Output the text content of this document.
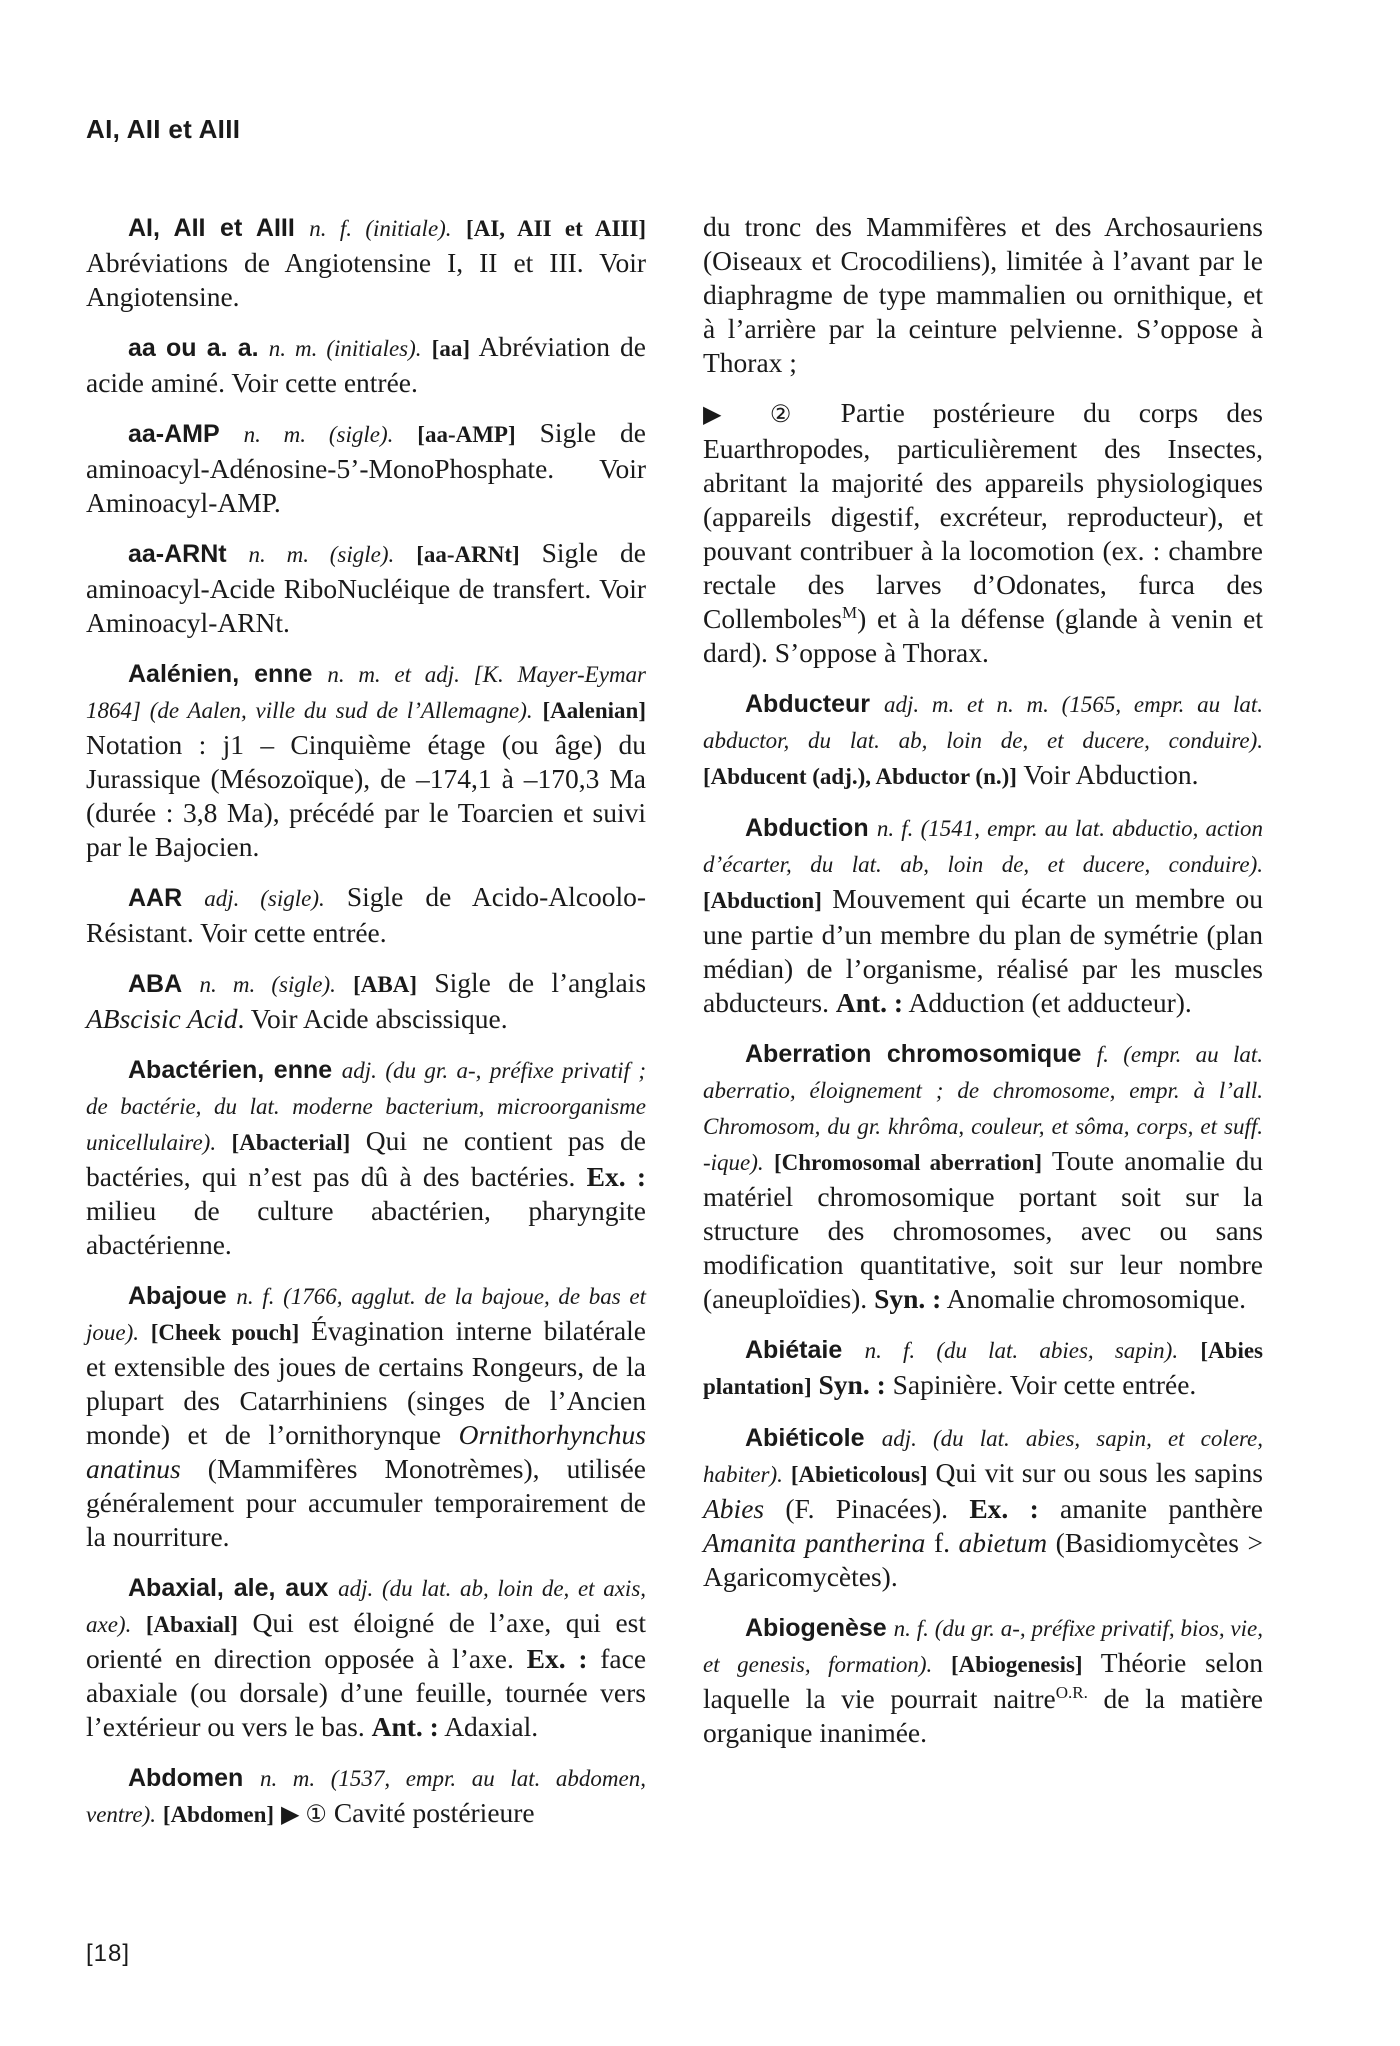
AI, AII et AIII

AI, AII et AIII n. f. (initiale). [AI, AII et AIII] Abréviations de Angiotensine I, II et III. Voir Angiotensine.

aa ou a. a. n. m. (initiales). [aa] Abréviation de acide aminé. Voir cette entrée.

aa-AMP n. m. (sigle). [aa-AMP] Sigle de aminoacyl-Adénosine-5’-MonoPhosphate. Voir Aminoacyl-AMP.

aa-ARNt n. m. (sigle). [aa-ARNt] Sigle de aminoacyl-Acide RiboNucléique de transfert. Voir Aminoacyl-ARNt.

Aalénien, enne n. m. et adj. [K. Mayer-Eymar 1864] (de Aalen, ville du sud de l’Allemagne). [Aalenian] Notation : j1 – Cinquième étage (ou âge) du Jurassique (Mésozoïque), de –174,1 à –170,3 Ma (durée : 3,8 Ma), précédé par le Toarcien et suivi par le Bajocien.

AAR adj. (sigle). Sigle de Acido-Alcoolo-Résistant. Voir cette entrée.

ABA n. m. (sigle). [ABA] Sigle de l’anglais ABscisic Acid. Voir Acide abscissique.

Abactérien, enne adj. (du gr. a-, préfixe privatif ; de bactérie, du lat. moderne bacterium, microorganisme unicellulaire). [Abacterial] Qui ne contient pas de bactéries, qui n’est pas dû à des bactéries. Ex. : milieu de culture abactérien, pharyngite abactérienne.

Abajoue n. f. (1766, agglut. de la bajoue, de bas et joue). [Cheek pouch] Évagination interne bilatérale et extensible des joues de certains Rongeurs, de la plupart des Catarrhiniens (singes de l’Ancien monde) et de l’ornithorynque Ornithorhynchus anatinus (Mammifères Monotrèmes), utilisée généralement pour accumuler temporairement de la nourriture.

Abaxial, ale, aux adj. (du lat. ab, loin de, et axis, axe). [Abaxial] Qui est éloigné de l’axe, qui est orienté en direction opposée à l’axe. Ex. : face abaxiale (ou dorsale) d’une feuille, tournée vers l’extérieur ou vers le bas. Ant. : Adaxial.

Abdomen n. m. (1537, empr. au lat. abdomen, ventre). [Abdomen] ▶ ① Cavité postérieure

du tronc des Mammifères et des Archosauriens (Oiseaux et Crocodiliens), limitée à l’avant par le diaphragme de type mammalien ou ornithique, et à l’arrière par la ceinture pelvienne. S’oppose à Thorax ;

▶ ② Partie postérieure du corps des Euarthropodes, particulièrement des Insectes, abritant la majorité des appareils physiologiques (appareils digestif, excréteur, reproducteur), et pouvant contribuer à la locomotion (ex. : chambre rectale des larves d’Odonates, furca des Collemboles$^M$) et à la défense (glande à venin et dard). S’oppose à Thorax.

Abducteur adj. m. et n. m. (1565, empr. au lat. abductor, du lat. ab, loin de, et ducere, conduire). [Abducent (adj.), Abductor (n.)] Voir Abduction.

Abduction n. f. (1541, empr. au lat. abductio, action d’écarter, du lat. ab, loin de, et ducere, conduire). [Abduction] Mouvement qui écarte un membre ou une partie d’un membre du plan de symétrie (plan médian) de l’organisme, réalisé par les muscles abducteurs. Ant. : Adduction (et adducteur).

Aberration chromosomique f. (empr. au lat. aberratio, éloignement ; de chromosome, empr. à l’all. Chromosom, du gr. khrôma, couleur, et sôma, corps, et suff. -ique). [Chromosomal aberration] Toute anomalie du matériel chromosomique portant soit sur la structure des chromosomes, avec ou sans modification quantitative, soit sur leur nombre (aneuploïdies). Syn. : Anomalie chromosomique.

Abiétaie n. f. (du lat. abies, sapin). [Abies plantation] Syn. : Sapinière. Voir cette entrée.

Abiéticole adj. (du lat. abies, sapin, et colere, habiter). [Abieticolous] Qui vit sur ou sous les sapins Abies (F. Pinacées). Ex. : amanite panthère Amanita pantherina f. abietum (Basidiomycètes > Agaricomycètes).

Abiogenèse n. f. (du gr. a-, préfixe privatif, bios, vie, et genesis, formation). [Abiogenesis] Théorie selon laquelle la vie pourrait naitre$^{O.R.}$ de la matière organique inanimée.

[18]
